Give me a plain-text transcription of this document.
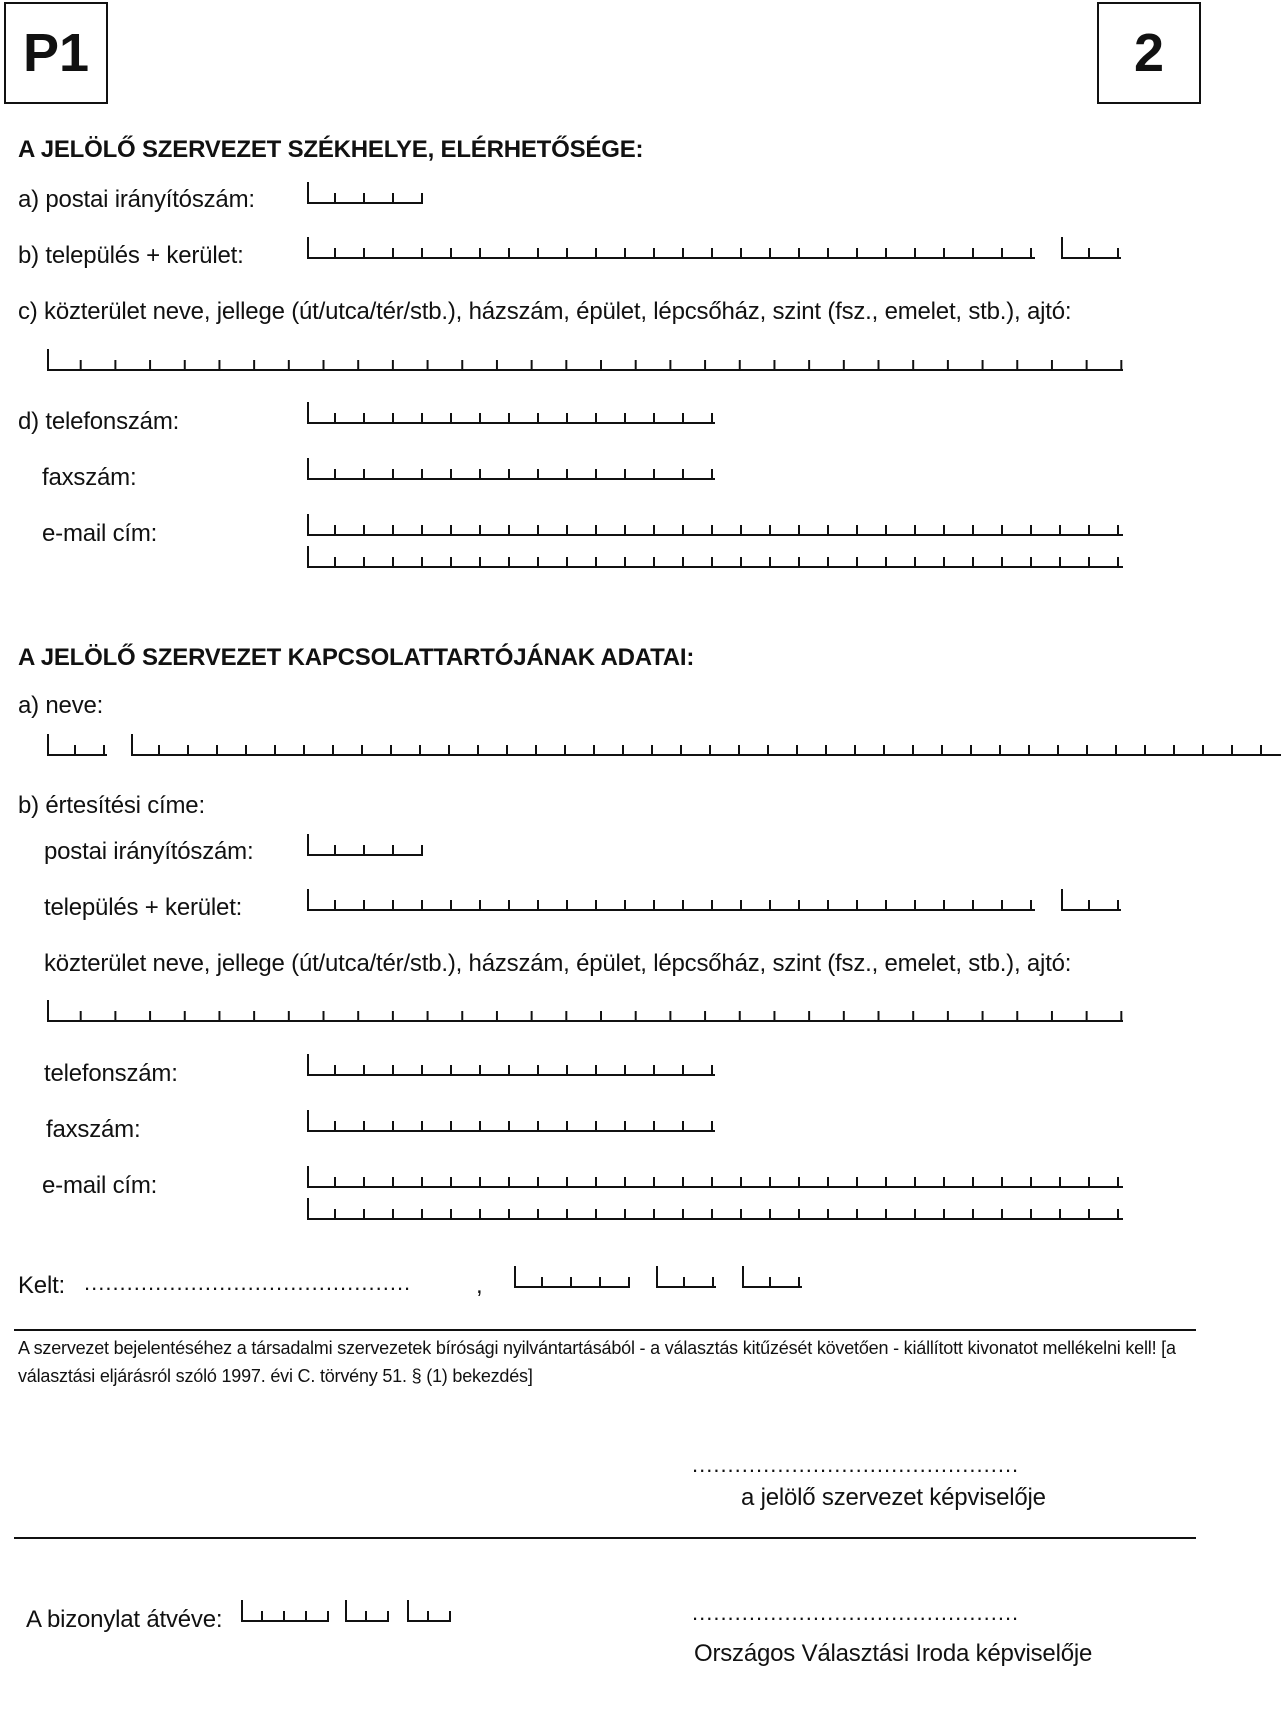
P1	2
A JELÖLŐ SZERVEZET SZÉKHELYE, ELÉRHETŐSÉGE:
a) postai irányítószám:
b) település + kerület:
c) közterület neve, jellege (út/utca/tér/stb.), házszám, épület, lépcsőház, szint (fsz., emelet, stb.), ajtó:
d) telefonszám:
faxszám:
e-mail cím:
A JELÖLŐ SZERVEZET KAPCSOLATTARTÓJÁNAK ADATAI:
a) neve:
b) értesítési címe:
postai irányítószám:
település + kerület:
közterület neve, jellege (út/utca/tér/stb.), házszám, épület, lépcsőház, szint (fsz., emelet, stb.), ajtó:
telefonszám:
faxszám:
e-mail cím:
Kelt: ..............................................	,
A szervezet bejelentéséhez a társadalmi szervezetek bírósági nyilvántartásából - a választás kitűzését követően - kiállított kivonatot mellékelni kell! [a választási eljárásról szóló 1997. évi C. törvény 51. § (1) bekezdés]
..............................................
a jelölő szervezet képviselője
A bizonylat átvéve:	..............................................
Országos Választási Iroda képviselője
